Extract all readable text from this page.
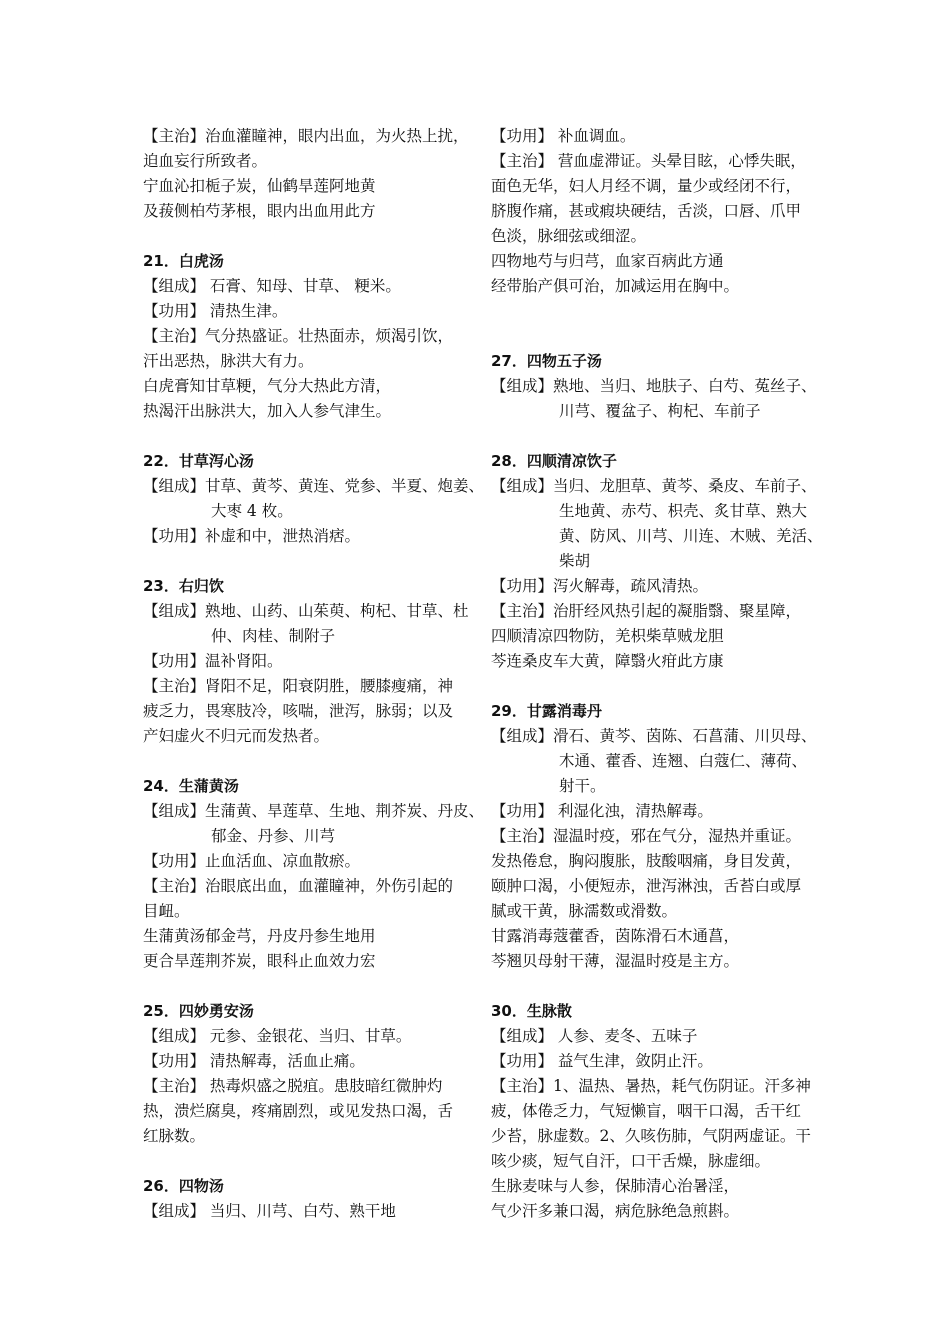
【主治】治血灌瞳神，眼内出血，为火热上扰，
迫血妄行所致者。
宁血沁扣栀子炭，仙鹤旱莲阿地黄
及菝侧柏芍茅根，眼内出血用此方
21．白虎汤
【组成】 石膏、知母、甘草、 粳米。
【功用】 清热生津。
【主治】气分热盛证。壮热面赤，烦渴引饮，
汗出恶热，脉洪大有力。
白虎膏知甘草粳，气分大热此方清，
热渴汗出脉洪大，加入人参气津生。
22．甘草泻心汤
【组成】甘草、黄芩、黄连、党参、半夏、炮姜、
大枣 4 枚。
【功用】补虚和中，泄热消痞。
23．右归饮
【组成】熟地、山药、山茱萸、枸杞、甘草、杜
仲、肉桂、制附子
【功用】温补肾阳。
【主治】肾阳不足，阳衰阴胜，腰膝瘦痛，神
疲乏力，畏寒肢冷，咳喘，泄泻，脉弱；以及
产妇虚火不归元而发热者。
24．生蒲黄汤
【组成】生蒲黄、旱莲草、生地、荆芥炭、丹皮、
郁金、丹参、川芎
【功用】止血活血、凉血散瘀。
【主治】治眼底出血，血灌瞳神，外伤引起的
目衄。
生蒲黄汤郁金芎，丹皮丹参生地用
更合旱莲荆芥炭，眼科止血效力宏
25．四妙勇安汤
【组成】 元参、金银花、当归、甘草。
【功用】 清热解毒，活血止痛。
【主治】 热毒炽盛之脱疽。患肢暗红微肿灼
热，溃烂腐臭，疼痛剧烈，或见发热口渴，舌
红脉数。
26．四物汤
【组成】 当归、川芎、白芍、熟干地
【功用】 补血调血。
【主治】 营血虚滞证。头晕目眩，心悸失眠，
面色无华，妇人月经不调，量少或经闭不行，
脐腹作痛，甚或瘕块硬结，舌淡，口唇、爪甲
色淡，脉细弦或细涩。
四物地芍与归芎，血家百病此方通
经带胎产俱可治，加减运用在胸中。
27．四物五子汤
【组成】熟地、当归、地肤子、白芍、菟丝子、
川芎、覆盆子、枸杞、车前子
28．四顺清凉饮子
【组成】当归、龙胆草、黄芩、桑皮、车前子、
生地黄、赤芍、枳壳、炙甘草、熟大
黄、防风、川芎、川连、木贼、羌活、
柴胡
【功用】泻火解毒，疏风清热。
【主治】治肝经风热引起的凝脂翳、聚星障，
四顺清凉四物防，羌枳柴草贼龙胆
芩连桑皮车大黄，障翳火疳此方康
29．甘露消毒丹
【组成】滑石、黄芩、茵陈、石菖蒲、川贝母、
木通、藿香、连翘、白蔻仁、薄荷、
射干。
【功用】 利湿化浊，清热解毒。
【主治】湿温时疫，邪在气分，湿热并重证。
发热倦怠，胸闷腹胀，肢酸咽痛，身目发黄，
颐肿口渴，小便短赤，泄泻淋浊，舌苔白或厚
腻或干黄，脉濡数或滑数。
甘露消毒蔻藿香，茵陈滑石木通菖，
芩翘贝母射干薄，湿温时疫是主方。
30．生脉散
【组成】 人参、麦冬、五味子
【功用】 益气生津，敛阴止汗。
【主治】1、温热、暑热，耗气伤阴证。汗多神
疲，体倦乏力，气短懒盲，咽干口渴，舌干红
少苔，脉虚数。2、久咳伤肺，气阴两虚证。干
咳少痰，短气自汗，口干舌燥，脉虚细。
生脉麦味与人参，保肺清心治暑淫，
气少汗多兼口渴，病危脉绝急煎斟。
